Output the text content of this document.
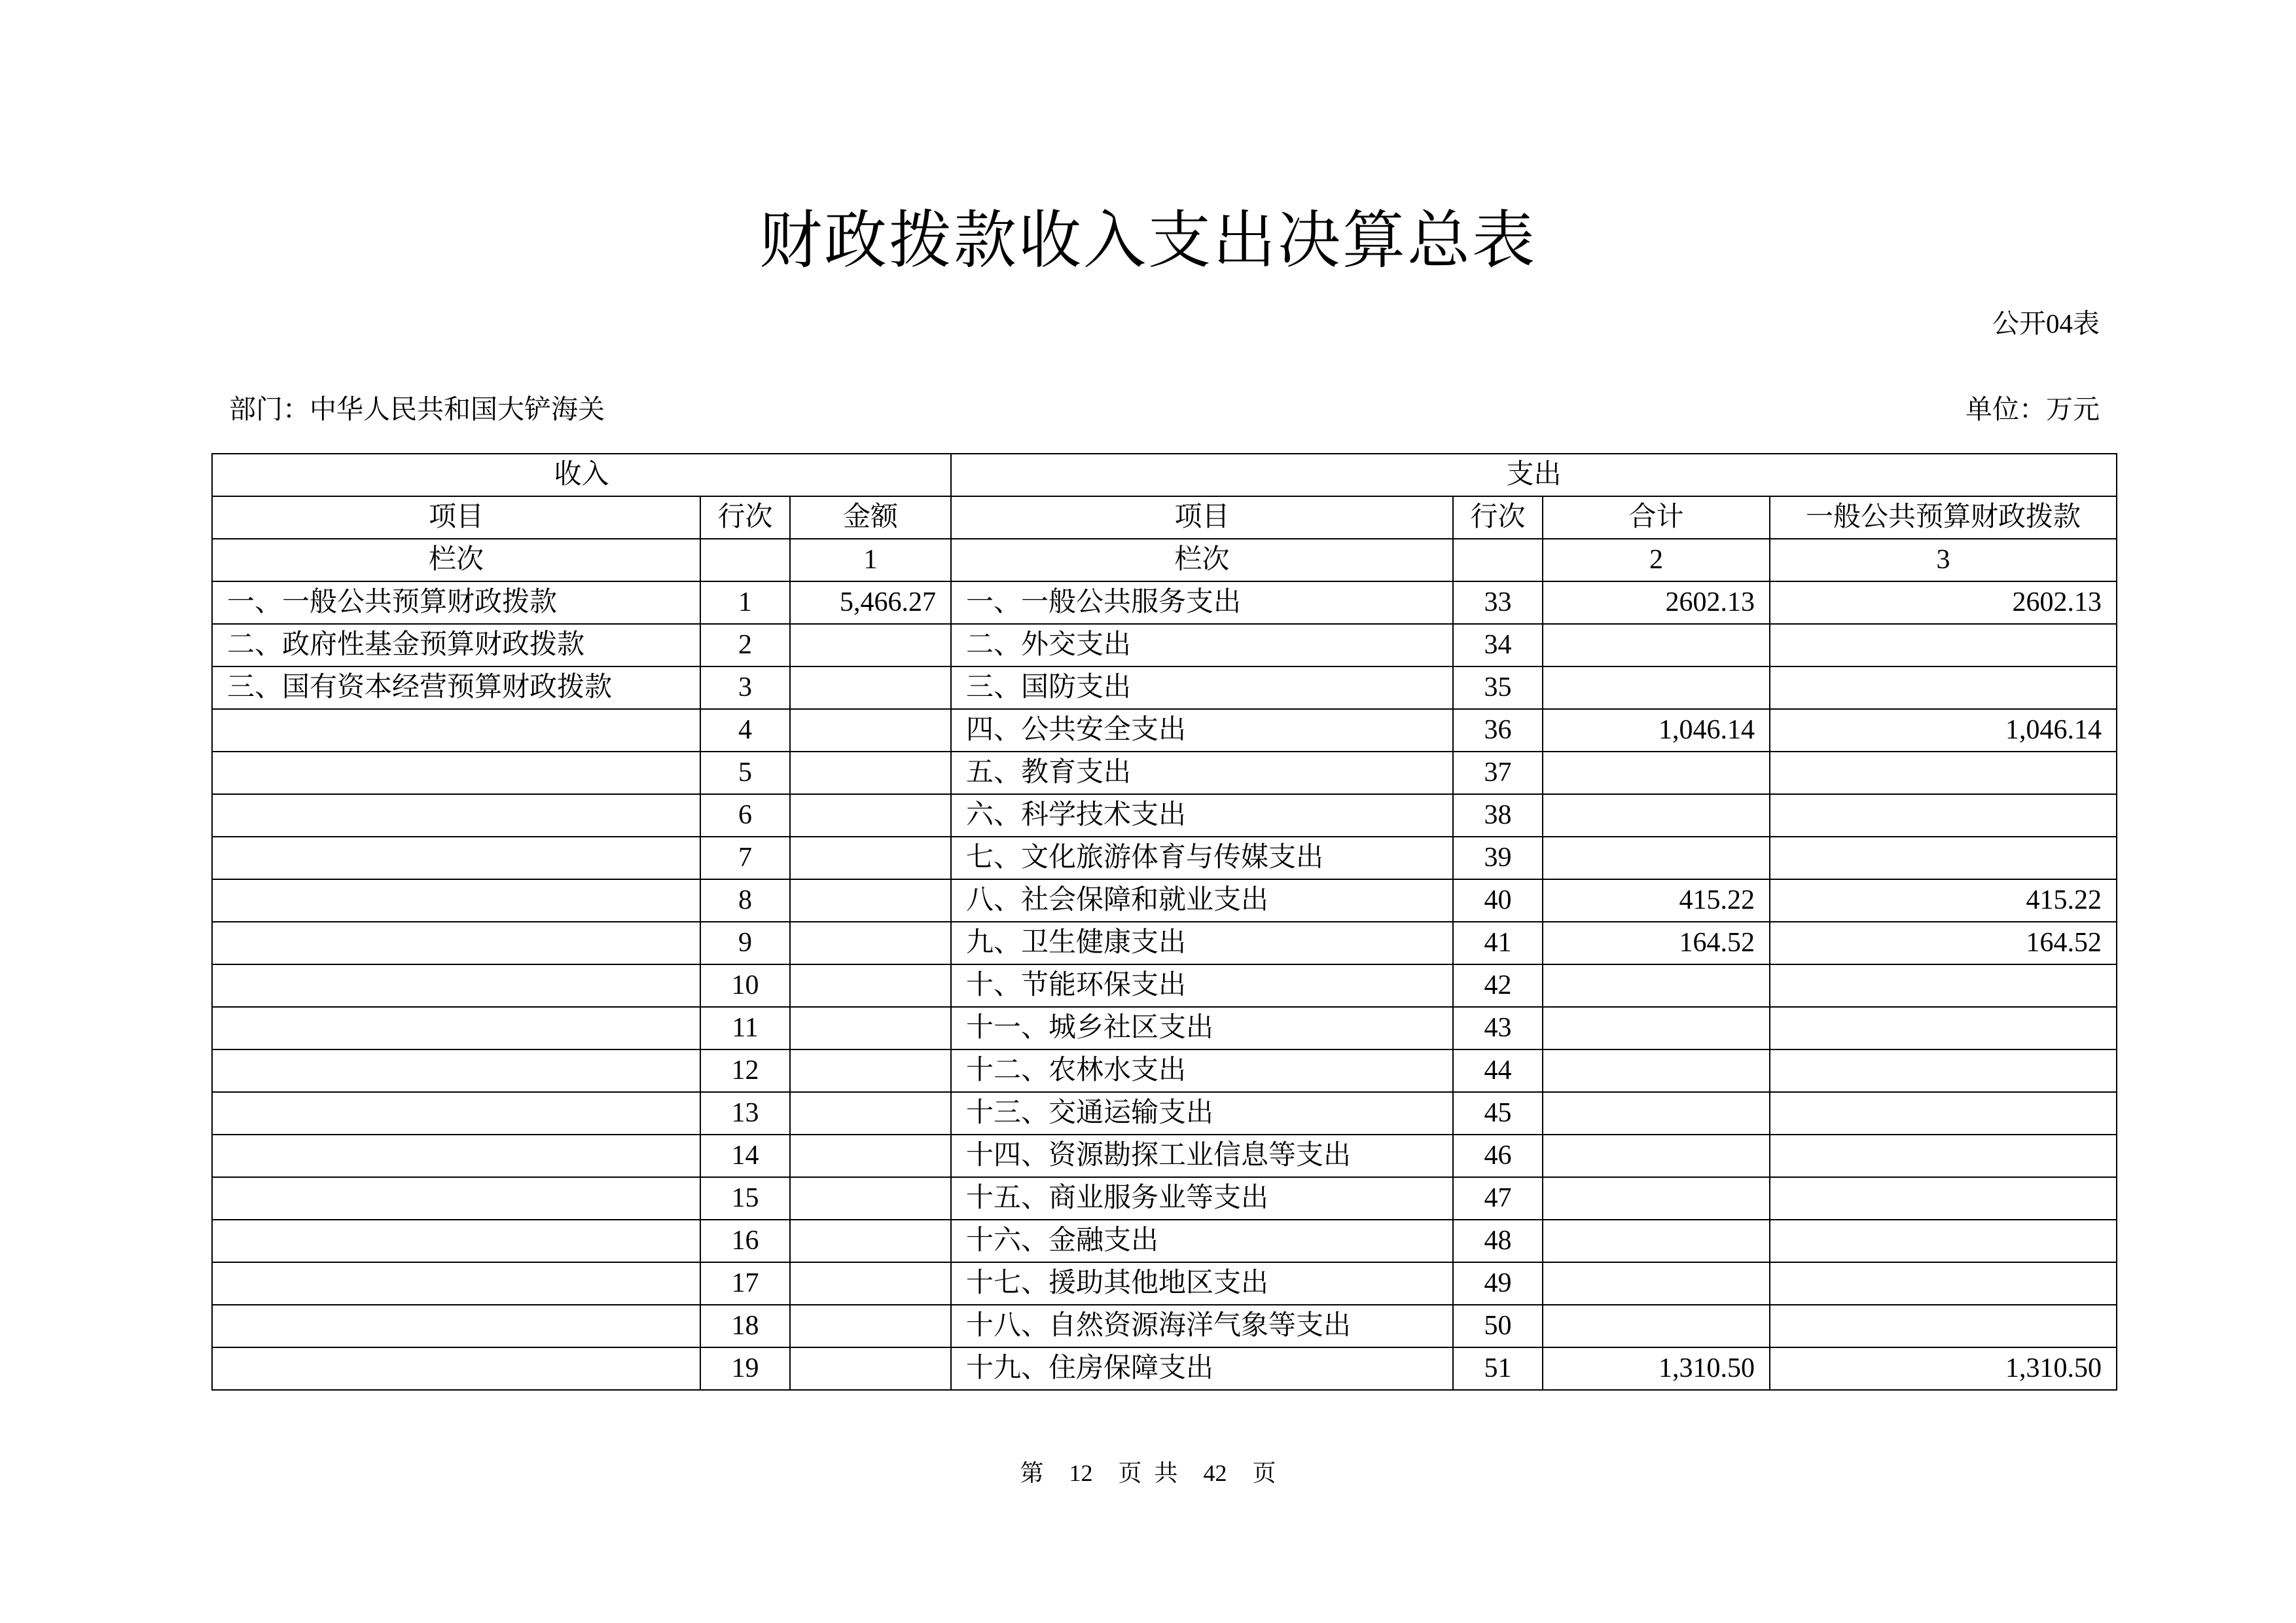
财政拨款收入支出决算总表
公开04表
部门：中华人民共和国大铲海关	单位：万元
收入			支出			
项目	行次	金额	项目	行次	合计	一般公共预算财政拨款
栏次		1	栏次		2	3
一、一般公共预算财政拨款	1	5,466.27	一、一般公共服务支出	33	2602.13	2602.13
二、政府性基金预算财政拨款	2		二、外交支出	34		
三、国有资本经营预算财政拨款	3		三、国防支出	35		
	4		四、公共安全支出	36	1,046.14	1,046.14
	5		五、教育支出	37		
	6		六、科学技术支出	38		
	7		七、文化旅游体育与传媒支出	39		
	8		八、社会保障和就业支出	40	415.22	415.22
	9		九、卫生健康支出	41	164.52	164.52
	10		十、节能环保支出	42		
	11		十一、城乡社区支出	43		
	12		十二、农林水支出	44		
	13		十三、交通运输支出	45		
	14		十四、资源勘探工业信息等支出	46		
	15		十五、商业服务业等支出	47		
	16		十六、金融支出	48		
	17		十七、援助其他地区支出	49		
	18		十八、自然资源海洋气象等支出	50		
	19		十九、住房保障支出	51	1,310.50	1,310.50
第 12 页 共 42 页
